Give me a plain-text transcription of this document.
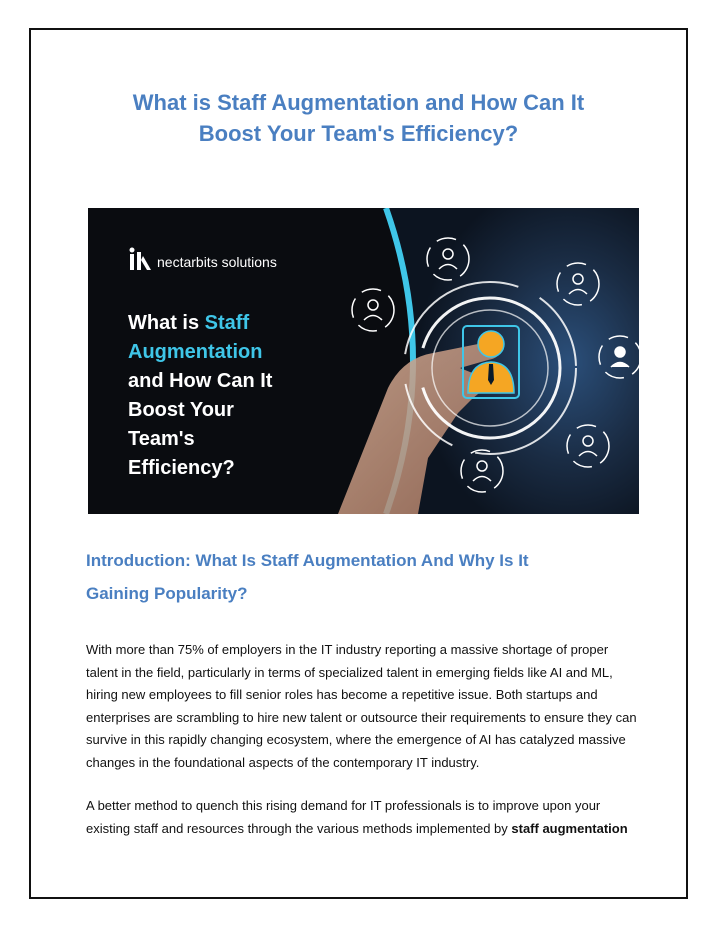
What is Staff Augmentation and How Can It
Boost Your Team's Efficiency?
nectarbits solutions
What is Staff
Augmentation
and How Can It
Boost Your
Team's
Efficiency?
Introduction: What Is Staff Augmentation And Why Is It
Gaining Popularity?
With more than 75% of employers in the IT industry reporting a massive shortage of proper
talent in the field, particularly in terms of specialized talent in emerging fields like AI and ML,
hiring new employees to fill senior roles has become a repetitive issue. Both startups and
enterprises are scrambling to hire new talent or outsource their requirements to ensure they can
survive in this rapidly changing ecosystem, where the emergence of AI has catalyzed massive
changes in the foundational aspects of the contemporary IT industry.
A better method to quench this rising demand for IT professionals is to improve upon your
existing staff and resources through the various methods implemented by staff augmentation
